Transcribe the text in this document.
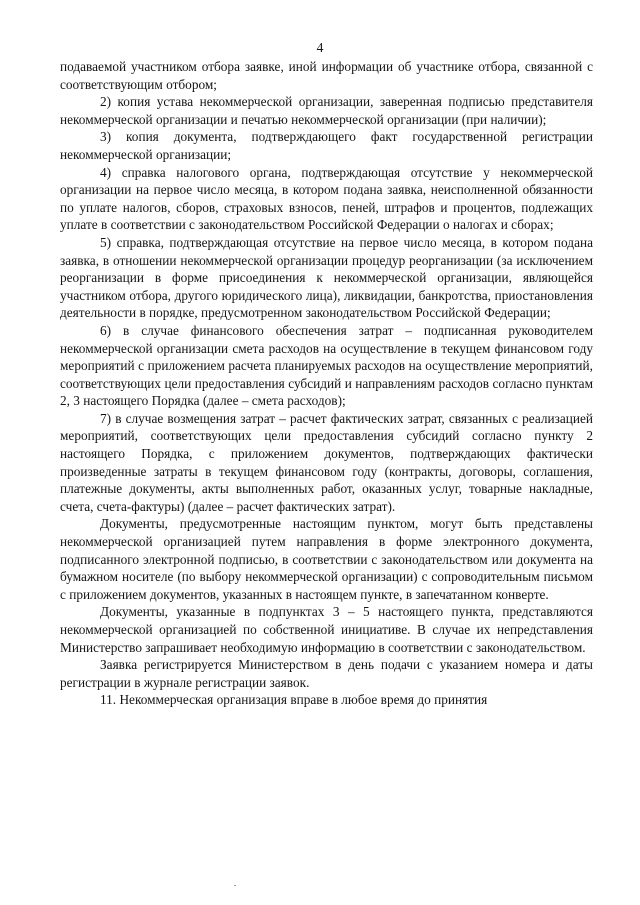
4

подаваемой участником отбора заявке, иной информации об участнике отбора, связанной с соответствующим отбором;

2) копия устава некоммерческой организации, заверенная подписью представителя некоммерческой организации и печатью некоммерческой организации (при наличии);

3) копия документа, подтверждающего факт государственной регистрации некоммерческой организации;

4) справка налогового органа, подтверждающая отсутствие у некоммерческой организации на первое число месяца, в котором подана заявка, неисполненной обязанности по уплате налогов, сборов, страховых взносов, пеней, штрафов и процентов, подлежащих уплате в соответствии с законодательством Российской Федерации о налогах и сборах;

5) справка, подтверждающая отсутствие на первое число месяца, в котором подана заявка, в отношении некоммерческой организации процедур реорганизации (за исключением реорганизации в форме присоединения к некоммерческой организации, являющейся участником отбора, другого юридического лица), ликвидации, банкротства, приостановления деятельности в порядке, предусмотренном законодательством Российской Федерации;

6) в случае финансового обеспечения затрат – подписанная руководителем некоммерческой организации смета расходов на осуществление в текущем финансовом году мероприятий с приложением расчета планируемых расходов на осуществление мероприятий, соответствующих цели предоставления субсидий и направлениям расходов согласно пунктам 2, 3 настоящего Порядка (далее – смета расходов);

7) в случае возмещения затрат – расчет фактических затрат, связанных с реализацией мероприятий, соответствующих цели предоставления субсидий согласно пункту 2 настоящего Порядка, с приложением документов, подтверждающих фактически произведенные затраты в текущем финансовом году (контракты, договоры, соглашения, платежные документы, акты выполненных работ, оказанных услуг, товарные накладные, счета, счета-фактуры) (далее – расчет фактических затрат).

Документы, предусмотренные настоящим пунктом, могут быть представлены некоммерческой организацией путем направления в форме электронного документа, подписанного электронной подписью, в соответствии с законодательством или документа на бумажном носителе (по выбору некоммерческой организации) с сопроводительным письмом с приложением документов, указанных в настоящем пункте, в запечатанном конверте.

Документы, указанные в подпунктах 3 – 5 настоящего пункта, представляются некоммерческой организацией по собственной инициативе. В случае их непредставления Министерство запрашивает необходимую информацию в соответствии с законодательством.

Заявка регистрируется Министерством в день подачи с указанием номера и даты регистрации в журнале регистрации заявок.

11. Некоммерческая организация вправе в любое время до принятия
